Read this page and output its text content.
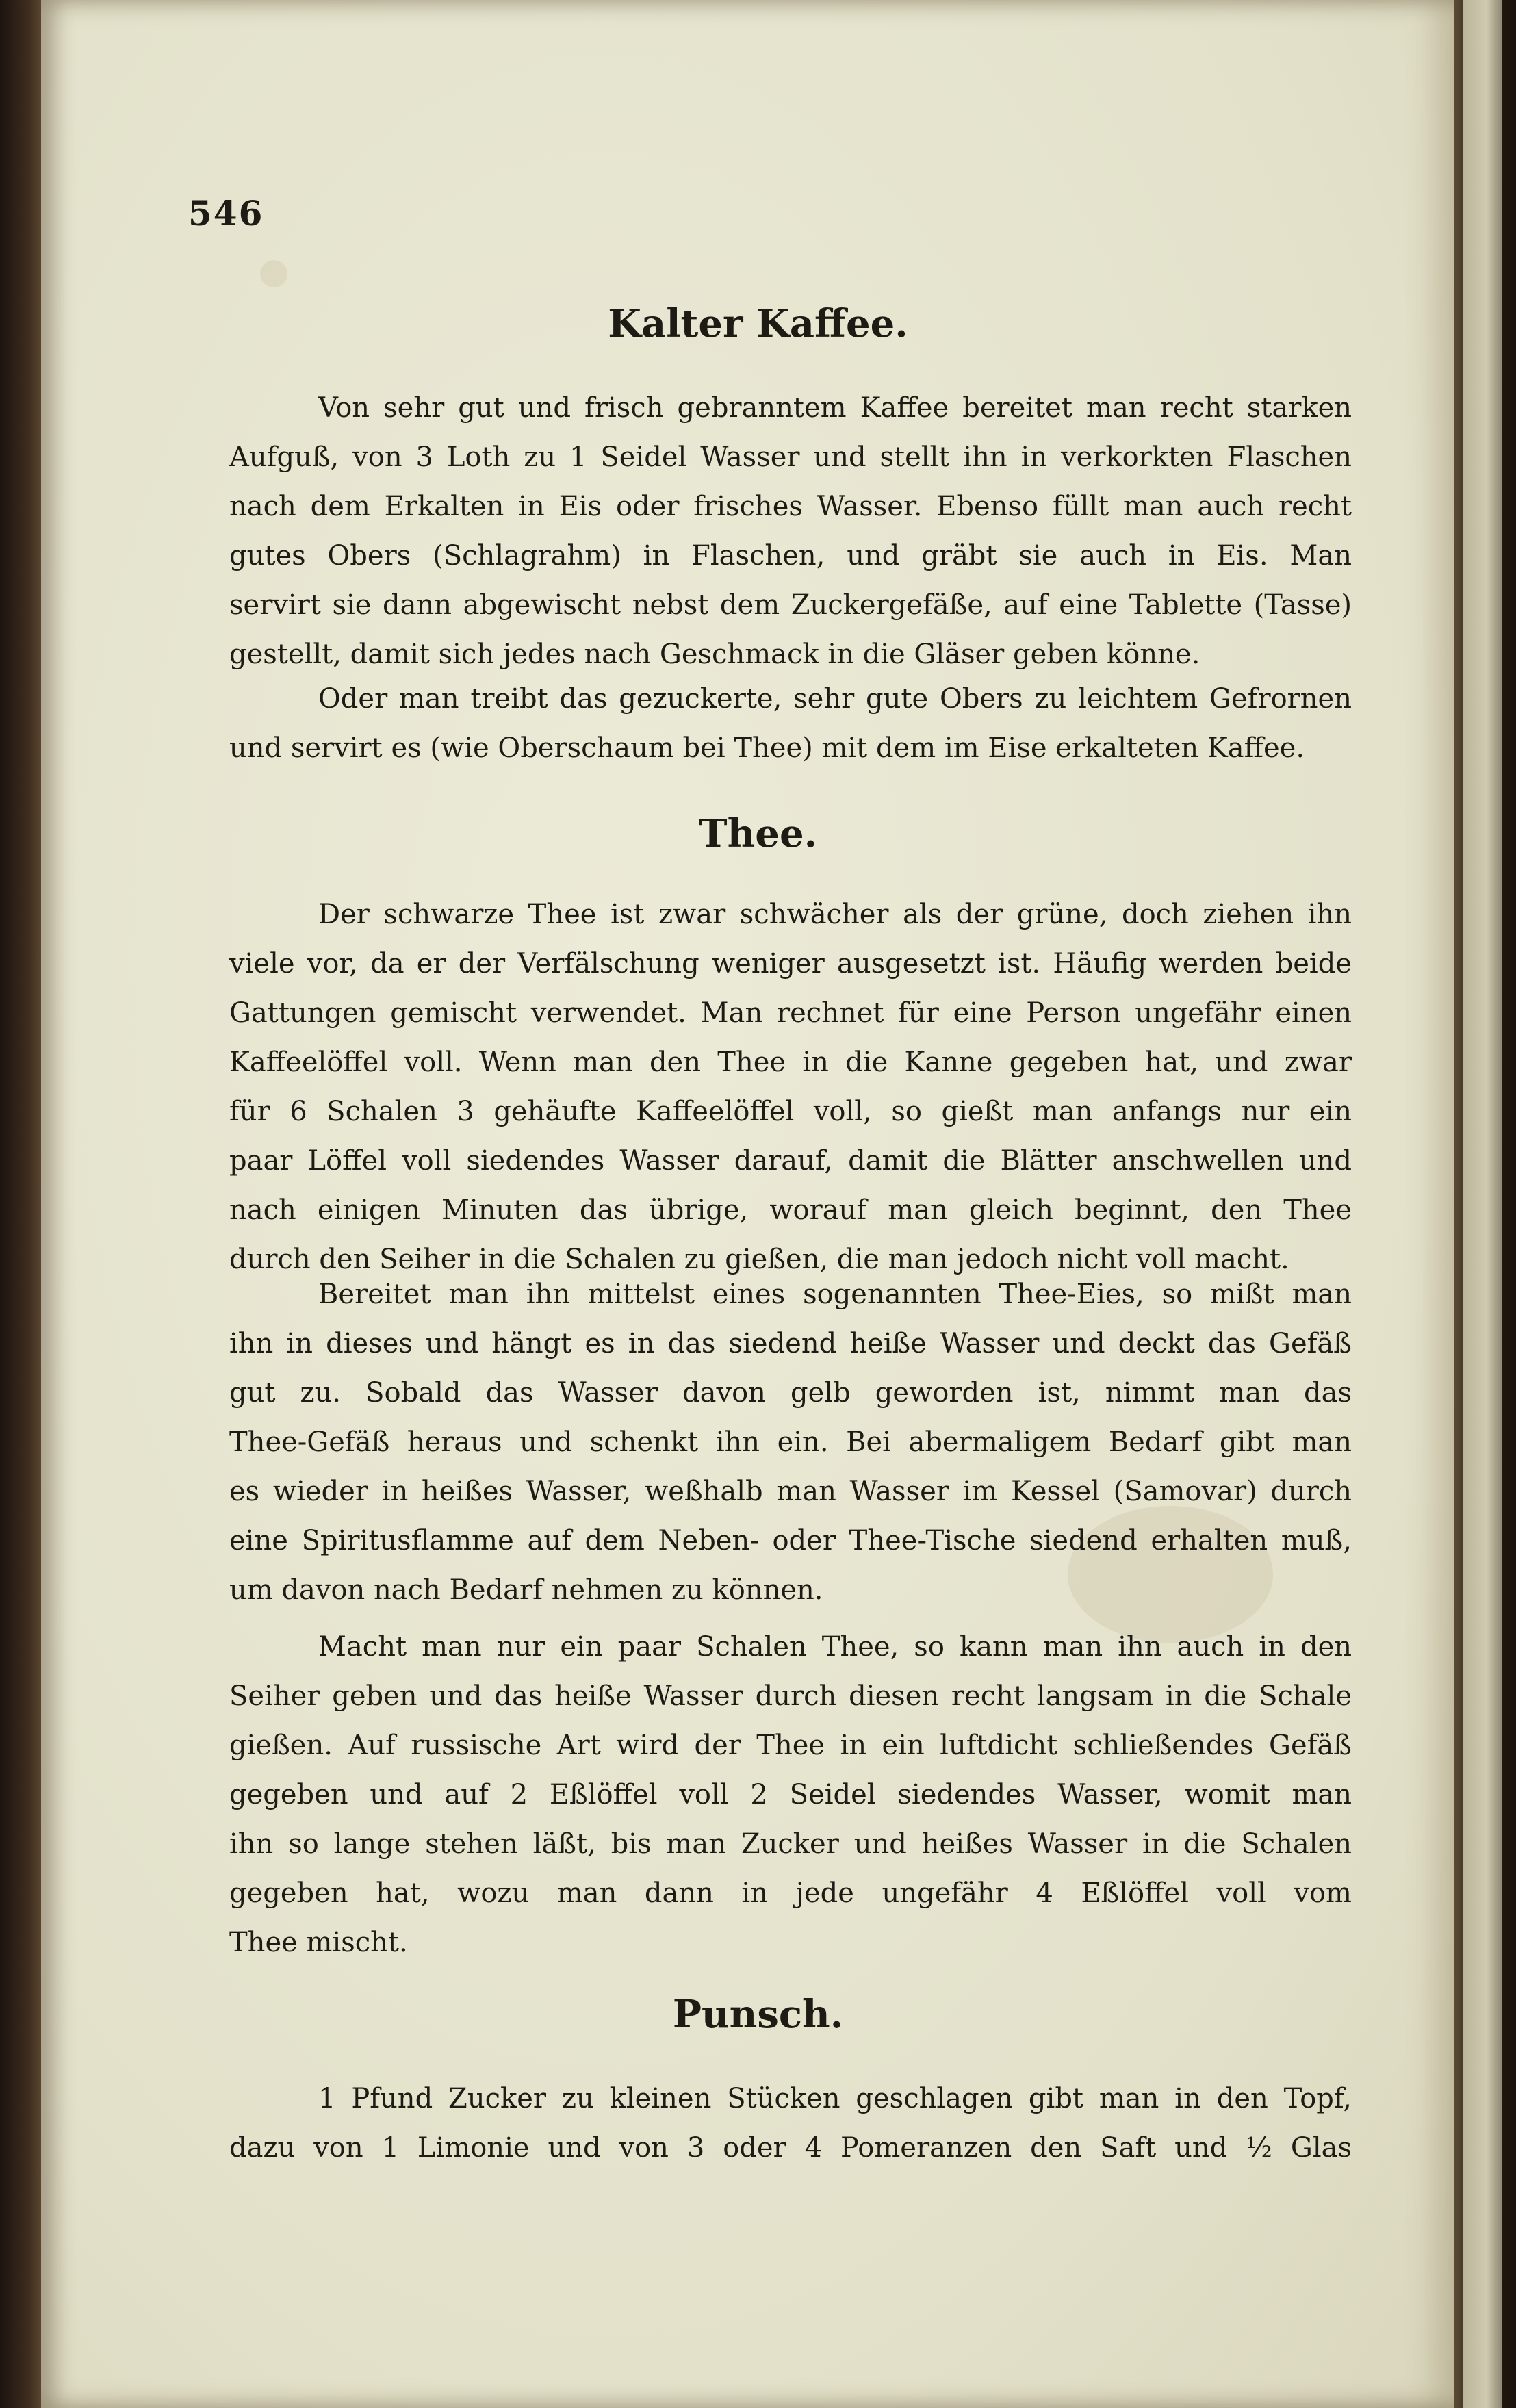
546
Kalter Kaffee.
Von sehr gut und frisch gebranntem Kaffee bereitet man recht starken
Aufguß, von 3 Loth zu 1 Seidel Wasser und stellt ihn in verkorkten Flaschen
nach dem Erkalten in Eis oder frisches Wasser. Ebenso füllt man auch recht
gutes Obers (Schlagrahm) in Flaschen, und gräbt sie auch in Eis. Man
servirt sie dann abgewischt nebst dem Zuckergefäße, auf eine Tablette (Tasse)
gestellt, damit sich jedes nach Geschmack in die Gläser geben könne.
Oder man treibt das gezuckerte, sehr gute Obers zu leichtem Gefrornen
und servirt es (wie Oberschaum bei Thee) mit dem im Eise erkalteten Kaffee.
Thee.
Der schwarze Thee ist zwar schwächer als der grüne, doch ziehen ihn
viele vor, da er der Verfälschung weniger ausgesetzt ist. Häufig werden beide
Gattungen gemischt verwendet. Man rechnet für eine Person ungefähr einen
Kaffeelöffel voll. Wenn man den Thee in die Kanne gegeben hat, und zwar
für 6 Schalen 3 gehäufte Kaffeelöffel voll, so gießt man anfangs nur ein
paar Löffel voll siedendes Wasser darauf, damit die Blätter anschwellen und
nach einigen Minuten das übrige, worauf man gleich beginnt, den Thee
durch den Seiher in die Schalen zu gießen, die man jedoch nicht voll macht.
Bereitet man ihn mittelst eines sogenannten Thee-Eies, so mißt man
ihn in dieses und hängt es in das siedend heiße Wasser und deckt das Gefäß
gut zu. Sobald das Wasser davon gelb geworden ist, nimmt man das
Thee-Gefäß heraus und schenkt ihn ein. Bei abermaligem Bedarf gibt man
es wieder in heißes Wasser, weßhalb man Wasser im Kessel (Samovar) durch
eine Spiritusflamme auf dem Neben- oder Thee-Tische siedend erhalten muß,
um davon nach Bedarf nehmen zu können.
Macht man nur ein paar Schalen Thee, so kann man ihn auch in den
Seiher geben und das heiße Wasser durch diesen recht langsam in die Schale
gießen. Auf russische Art wird der Thee in ein luftdicht schließendes Gefäß
gegeben und auf 2 Eßlöffel voll 2 Seidel siedendes Wasser, womit man
ihn so lange stehen läßt, bis man Zucker und heißes Wasser in die Schalen
gegeben hat, wozu man dann in jede ungefähr 4 Eßlöffel voll vom
Thee mischt.
Punsch.
1 Pfund Zucker zu kleinen Stücken geschlagen gibt man in den Topf,
dazu von 1 Limonie und von 3 oder 4 Pomeranzen den Saft und ½ Glas
